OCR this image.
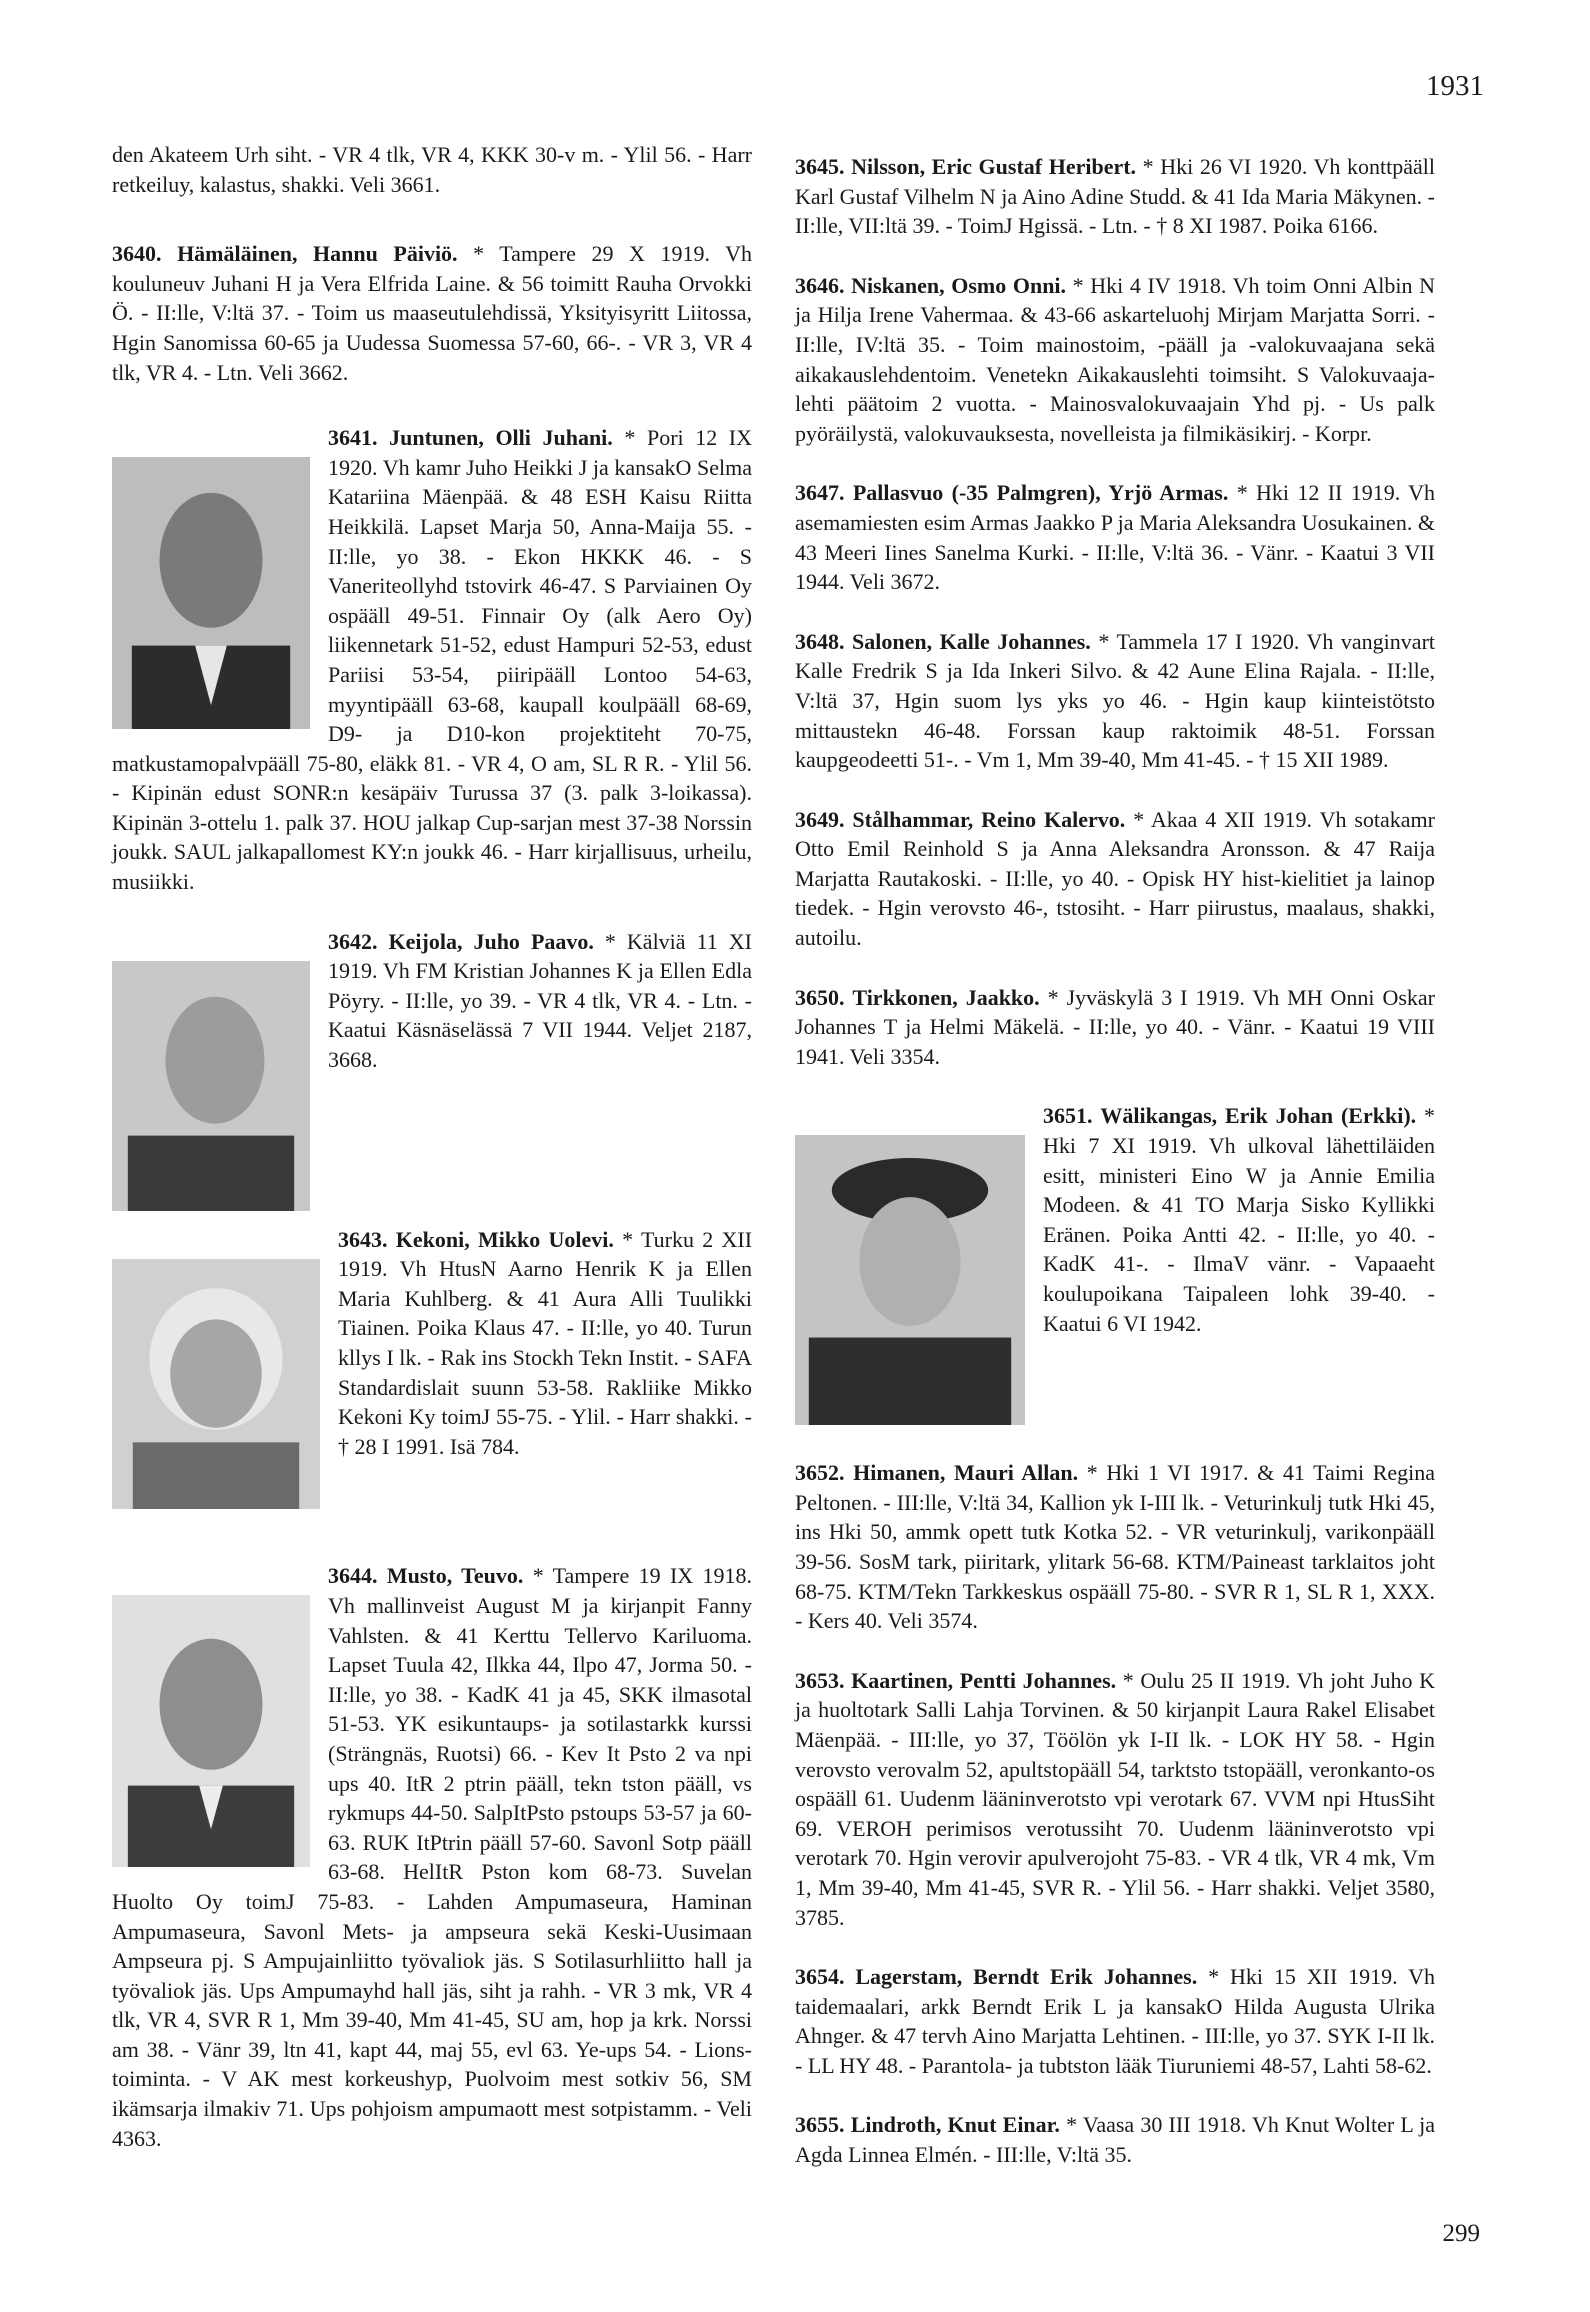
1931
den Akateem Urh siht. - VR 4 tlk, VR 4, KKK 30-v m. - Ylil 56. - Harr retkeiluy, kalastus, shakki. Veli 3661.
3640. Hämäläinen, Hannu Päiviö. * Tampere 29 X 1919. Vh kouluneuv Juhani H ja Vera Elfrida Laine. & 56 toimitt Rauha Orvokki Ö. - II:lle, V:ltä 37. - Toim us maaseutulehdissä, Yksityisyritt Liitossa, Hgin Sanomissa 60-65 ja Uudessa Suomessa 57-60, 66-. - VR 3, VR 4 tlk, VR 4. - Ltn. Veli 3662.
3641. Juntunen, Olli Juhani. * Pori 12 IX 1920. Vh kamr Juho Heikki J ja kansakO Selma Katariina Mäenpää. & 48 ESH Kaisu Riitta Heikkilä. Lapset Marja 50, Anna-Maija 55. - II:lle, yo 38. - Ekon HKKK 46. - S Vaneriteollyhd tstovirk 46-47. S Parviainen Oy ospääll 49-51. Finnair Oy (alk Aero Oy) liikennetark 51-52, edust Hampuri 52-53, edust Pariisi 53-54, piiripääll Lontoo 54-63, myyntipääll 63-68, kaupall koulpääll 68-69, D9- ja D10-kon projektiteht 70-75, matkustamopalvpääll 75-80, eläkk 81. - VR 4, O am, SL R R. - Ylil 56. - Kipinän edust SONR:n kesäpäiv Turussa 37 (3. palk 3-loikassa). Kipinän 3-ottelu 1. palk 37. HOU jalkap Cup-sarjan mest 37-38 Norssin joukk. SAUL jalkapallomest KY:n joukk 46. - Harr kirjallisuus, urheilu, musiikki.
3642. Keijola, Juho Paavo. * Kälviä 11 XI 1919. Vh FM Kristian Johannes K ja Ellen Edla Pöyry. - II:lle, yo 39. - VR 4 tlk, VR 4. - Ltn. - Kaatui Käsnäselässä 7 VII 1944. Veljet 2187, 3668.
3643. Kekoni, Mikko Uolevi. * Turku 2 XII 1919. Vh HtusN Aarno Henrik K ja Ellen Maria Kuhlberg. & 41 Aura Alli Tuulikki Tiainen. Poika Klaus 47. - II:lle, yo 40. Turun kllys I lk. - Rak ins Stockh Tekn Instit. - SAFA Standardislait suunn 53-58. Rakliike Mikko Kekoni Ky toimJ 55-75. - Ylil. - Harr shakki. - † 28 I 1991. Isä 784.
3644. Musto, Teuvo. * Tampere 19 IX 1918. Vh mallinveist August M ja kirjanpit Fanny Vahlsten. & 41 Kerttu Tellervo Kariluoma. Lapset Tuula 42, Ilkka 44, Ilpo 47, Jorma 50. - II:lle, yo 38. - KadK 41 ja 45, SKK ilmasotal 51-53. YK esikuntaups- ja sotilastarkk kurssi (Strängnäs, Ruotsi) 66. - Kev It Psto 2 va npi ups 40. ItR 2 ptrin pääll, tekn tston pääll, vs rykmups 44-50. SalpItPsto pstoups 53-57 ja 60-63. RUK ItPtrin pääll 57-60. Savonl Sotp pääll 63-68. HelItR Pston kom 68-73. Suvelan Huolto Oy toimJ 75-83. - Lahden Ampumaseura, Haminan Ampumaseura, Savonl Mets- ja ampseura sekä Keski-Uusimaan Ampseura pj. S Ampujainliitto työvaliok jäs. S Sotilasurhliitto hall ja työvaliok jäs. Ups Ampumayhd hall jäs, siht ja rahh. - VR 3 mk, VR 4 tlk, VR 4, SVR R 1, Mm 39-40, Mm 41-45, SU am, hop ja krk. Norssi am 38. - Vänr 39, ltn 41, kapt 44, maj 55, evl 63. Ye-ups 54. - Lions-toiminta. - V AK mest korkeushyp, Puolvoim mest sotkiv 56, SM ikämsarja ilmakiv 71. Ups pohjoism ampumaott mest sotpistamm. - Veli 4363.
3645. Nilsson, Eric Gustaf Heribert. * Hki 26 VI 1920. Vh konttpääll Karl Gustaf Vilhelm N ja Aino Adine Studd. & 41 Ida Maria Mäkynen. - II:lle, VII:ltä 39. - ToimJ Hgissä. - Ltn. - † 8 XI 1987. Poika 6166.
3646. Niskanen, Osmo Onni. * Hki 4 IV 1918. Vh toim Onni Albin N ja Hilja Irene Vahermaa. & 43-66 askarteluohj Mirjam Marjatta Sorri. - II:lle, IV:ltä 35. - Toim mainostoim, -pääll ja -valokuvaajana sekä aikakauslehdentoim. Venetekn Aikakauslehti toimsiht. S Valokuvaaja-lehti päätoim 2 vuotta. - Mainosvalokuvaajain Yhd pj. - Us palk pyöräilystä, valokuvauksesta, novelleista ja filmikäsikirj. - Korpr.
3647. Pallasvuo (-35 Palmgren), Yrjö Armas. * Hki 12 II 1919. Vh asemamiesten esim Armas Jaakko P ja Maria Aleksandra Uosukainen. & 43 Meeri Iines Sanelma Kurki. - II:lle, V:ltä 36. - Vänr. - Kaatui 3 VII 1944. Veli 3672.
3648. Salonen, Kalle Johannes. * Tammela 17 I 1920. Vh vanginvart Kalle Fredrik S ja Ida Inkeri Silvo. & 42 Aune Elina Rajala. - II:lle, V:ltä 37, Hgin suom lys yks yo 46. - Hgin kaup kiinteistötsto mittaustekn 46-48. Forssan kaup raktoimik 48-51. Forssan kaupgeodeetti 51-. - Vm 1, Mm 39-40, Mm 41-45. - † 15 XII 1989.
3649. Stålhammar, Reino Kalervo. * Akaa 4 XII 1919. Vh sotakamr Otto Emil Reinhold S ja Anna Aleksandra Aronsson. & 47 Raija Marjatta Rautakoski. - II:lle, yo 40. - Opisk HY hist-kielitiet ja lainop tiedek. - Hgin verovsto 46-, tstosiht. - Harr piirustus, maalaus, shakki, autoilu.
3650. Tirkkonen, Jaakko. * Jyväskylä 3 I 1919. Vh MH Onni Oskar Johannes T ja Helmi Mäkelä. - II:lle, yo 40. - Vänr. - Kaatui 19 VIII 1941. Veli 3354.
3651. Wälikangas, Erik Johan (Erkki). * Hki 7 XI 1919. Vh ulkoval lähettiläiden esitt, ministeri Eino W ja Annie Emilia Modeen. & 41 TO Marja Sisko Kyllikki Eränen. Poika Antti 42. - II:lle, yo 40. - KadK 41-. - IlmaV vänr. - Vapaaeht koulupoikana Taipaleen lohk 39-40. - Kaatui 6 VI 1942.
3652. Himanen, Mauri Allan. * Hki 1 VI 1917. & 41 Taimi Regina Peltonen. - III:lle, V:ltä 34, Kallion yk I-III lk. - Veturinkulj tutk Hki 45, ins Hki 50, ammk opett tutk Kotka 52. - VR veturinkulj, varikonpääll 39-56. SosM tark, piiritark, ylitark 56-68. KTM/Paineast tarklaitos joht 68-75. KTM/Tekn Tarkkeskus ospääll 75-80. - SVR R 1, SL R 1, XXX. - Kers 40. Veli 3574.
3653. Kaartinen, Pentti Johannes. * Oulu 25 II 1919. Vh joht Juho K ja huoltotark Salli Lahja Torvinen. & 50 kirjanpit Laura Rakel Elisabet Mäenpää. - III:lle, yo 37, Töölön yk I-II lk. - LOK HY 58. - Hgin verovsto verovalm 52, apultstopääll 54, tarktsto tstopääll, veronkanto-os ospääll 61. Uudenm lääninverotsto vpi verotark 67. VVM npi HtusSiht 69. VEROH perimisos verotussiht 70. Uudenm lääninverotsto vpi verotark 70. Hgin verovir apulverojoht 75-83. - VR 4 tlk, VR 4 mk, Vm 1, Mm 39-40, Mm 41-45, SVR R. - Ylil 56. - Harr shakki. Veljet 3580, 3785.
3654. Lagerstam, Berndt Erik Johannes. * Hki 15 XII 1919. Vh taidemaalari, arkk Berndt Erik L ja kansakO Hilda Augusta Ulrika Ahnger. & 47 tervh Aino Marjatta Lehtinen. - III:lle, yo 37. SYK I-II lk. - LL HY 48. - Parantola- ja tubtston lääk Tiuruniemi 48-57, Lahti 58-62.
3655. Lindroth, Knut Einar. * Vaasa 30 III 1918. Vh Knut Wolter L ja Agda Linnea Elmén. - III:lle, V:ltä 35.
299
